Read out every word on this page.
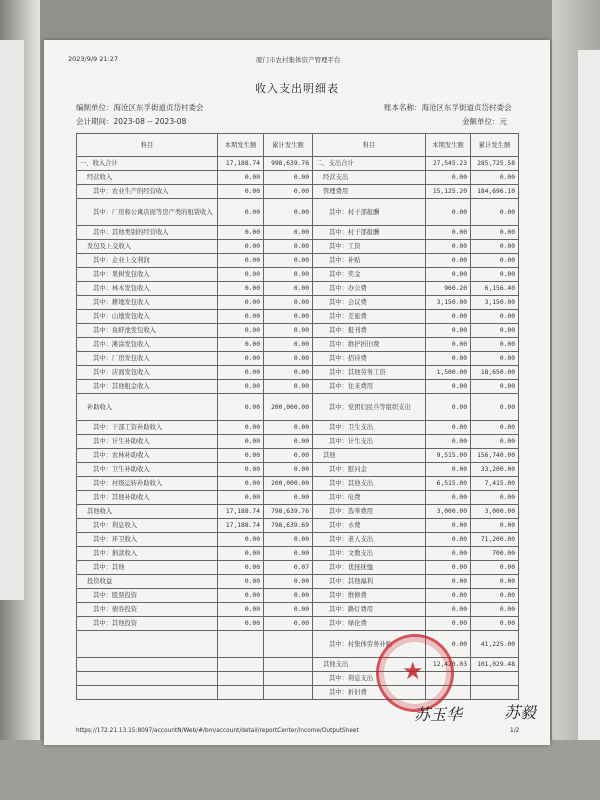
2023/9/9 21:27	厦门市农村集体资产管理平台
收入支出明细表
编制单位：海沧区东孚街道贞岱村委会	账本名称：海沧区东孚街道贞岱村委会
会计期间：2023-08 -- 2023-08	金额单位：元
科目	本期发生额	累计发生额	科目	本期发生额	累计发生额
一、收入合计	17,188.74	998,639.76	二、支出合计	27,545.23	285,725.58
经营收入	0.00	0.00	经营支出	0.00	0.00
其中：农业生产的经营收入	0.00	0.00	管理费用	15,125.20	184,696.10
其中：厂房和公寓店面等房产类的租赁收入	0.00	0.00	其中：村干部报酬	0.00	0.00
其中：其他类别的经营收入	0.00	0.00	其中：村干部报酬	0.00	0.00
发包及上交收入	0.00	0.00	其中：工资	0.00	0.00
其中：企业上交利润	0.00	0.00	其中：补贴	0.00	0.00
其中：果树发包收入	0.00	0.00	其中：奖金	0.00	0.00
其中：林木发包收入	0.00	0.00	其中：办公费	960.20	6,156.40
其中：耕地发包收入	0.00	0.00	其中：会议费	3,150.00	3,150.00
其中：山地发包收入	0.00	0.00	其中：差旅费	0.00	0.00
其中：鱼虾池发包收入	0.00	0.00	其中：报刊费	0.00	0.00
其中：滩涂发包收入	0.00	0.00	其中：维护折旧费	0.00	0.00
其中：厂房发包收入	0.00	0.00	其中：招待费	0.00	0.00
其中：店面发包收入	0.00	0.00	其中：其他劳务工资	1,500.00	18,650.00
其中：其他租金收入	0.00	0.00	其中：往来费用	0.00	0.00
补助收入	0.00	200,000.00	其中：党团妇民兵等组织支出	0.00	0.00
其中：干部工资补助收入	0.00	0.00	其中：卫生支出	0.00	0.00
其中：计生补助收入	0.00	0.00	其中：计生支出	0.00	0.00
其中：农林补助收入	0.00	0.00	其他	9,515.00	156,740.00
其中：卫生补助收入	0.00	0.00	其中：慰问金	0.00	33,200.00
其中：村级运转补助收入	0.00	200,000.00	其中：其他支出	6,515.00	7,415.00
其中：其他补助收入	0.00	0.00	其中：电费	0.00	0.00
其他收入	17,188.74	798,639.76	其中：选举费用	3,000.00	3,000.00
其中：利息收入	17,188.74	798,639.69	其中：水费	0.00	0.00
其中：环卫收入	0.00	0.00	其中：老人支出	0.00	71,200.00
其中：捐款收入	0.00	0.00	其中：文教支出	0.00	700.00
其中：其他	0.00	0.07	其中：优抚抚恤	0.00	0.00
投资收益	0.00	0.00	其中：其他福利	0.00	0.00
其中：股票投资	0.00	0.00	其中：维修费	0.00	0.00
其中：债券投资	0.00	0.00	其中：路灯费用	0.00	0.00
其中：其他投资	0.00	0.00	其中：绿化费	0.00	0.00
			其中：村集体劳务补贴	0.00	41,225.00
			其他支出	12,420.03	101,029.48
			其中：利息支出		
			其中：折旧费		
★
苏玉华	苏毅
https://172.21.13.15:8097/accountN/Web/#/bm/account/detail/reportCenter/income/OutputSheet	1/2
